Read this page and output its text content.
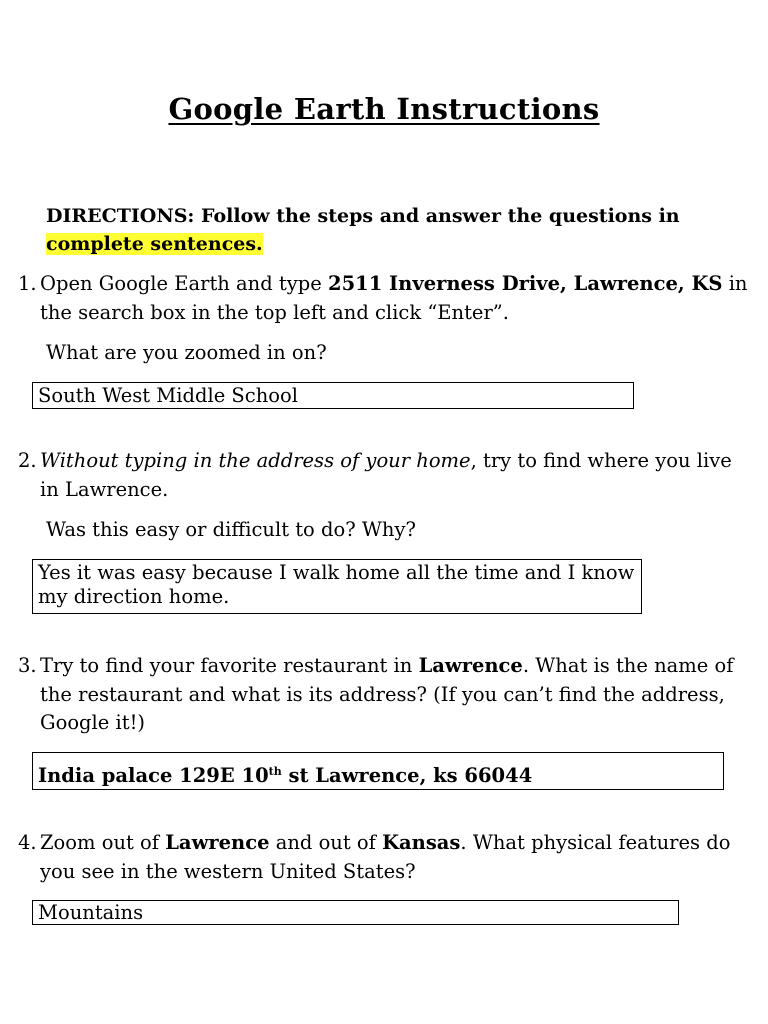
Google Earth Instructions
DIRECTIONS: Follow the steps and answer the questions in
complete sentences.
1. Open Google Earth and type 2511 Inverness Drive, Lawrence, KS in the search box in the top left and click “Enter”.
What are you zoomed in on?
South West Middle School
2. Without typing in the address of your home, try to find where you live in Lawrence.
Was this easy or difficult to do? Why?
Yes it was easy because I walk home all the time and I know my direction home.
3. Try to find your favorite restaurant in Lawrence. What is the name of the restaurant and what is its address? (If you can’t find the address, Google it!)
India palace 129E 10th st Lawrence, ks 66044
4. Zoom out of Lawrence and out of Kansas. What physical features do you see in the western United States?
Mountains
